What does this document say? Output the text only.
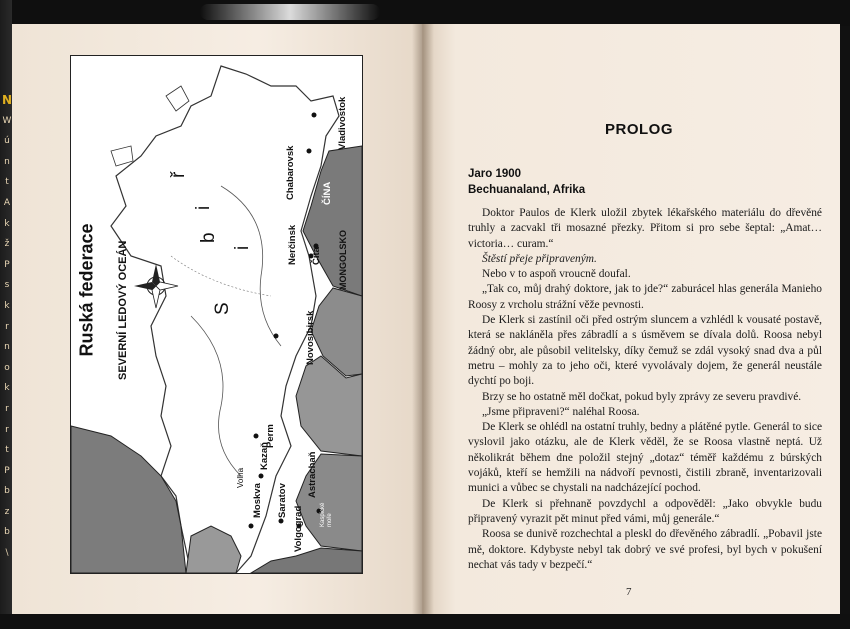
N
W
ú
n
t
A
k
ž
P
s
k
r
n
o
k
r
r
t
P
b
z
b
\
Ruská federace SEVERNÍ LEDOVÝ OCEÁN	S
i
b
i
ř	Chabarovsk
Vladivostok
ČÍNA
MONGOLSKO
Nerčinsk Čita
Novosibirsk
Perm
Kazaň
Volha
Moskva Saratov
Volgograd
Astrachaň
Kaspické moře
PROLOG
Jaro 1900
Bechuanaland, Afrika

Doktor Paulos de Klerk uložil zbytek lékařského materiálu do dřevěné truhly a zacvakl tři mosazné přezky. Přitom si pro sebe šeptal: „Amat… victoria… curam.“

Štěstí přeje připraveným.

Nebo v to aspoň vroucně doufal.

„Tak co, můj drahý doktore, jak to jde?“ zaburácel hlas generála Manieho Roosy z vrcholu strážní věže pevnosti.

De Klerk si zastínil oči před ostrým sluncem a vzhlédl k vousaté postavě, která se nakláněla přes zábradlí a s úsměvem se dívala dolů. Roosa nebyl žádný obr, ale působil velitelsky, díky čemuž se zdál vysoký snad dva a půl metru – mohly za to jeho oči, které vyvolávaly dojem, že generál neustále dychtí po boji.

Brzy se ho ostatně měl dočkat, pokud byly zprávy ze severu pravdivé.

„Jsme připraveni?“ naléhal Roosa.

De Klerk se ohlédl na ostatní truhly, bedny a plátěné pytle. Generál to sice vyslovil jako otázku, ale de Klerk věděl, že se Roosa vlastně neptá. Už několikrát během dne položil stejný „dotaz“ téměř každému z búrských vojáků, kteří se hemžili na nádvoří pevnosti, čistili zbraně, inventarizovali munici a vůbec se chystali na nadcházející pochod.

De Klerk si přehnaně povzdychl a odpověděl: „Jako obvykle budu připravený vyrazit pět minut před vámi, můj generále.“

Roosa se dunivě rozchechtal a pleskl do dřevěného zábradlí. „Pobavil jste mě, doktore. Kdybyste nebyl tak dobrý ve své profesi, byl bych v pokušení nechat vás tady v bezpečí.“

7
